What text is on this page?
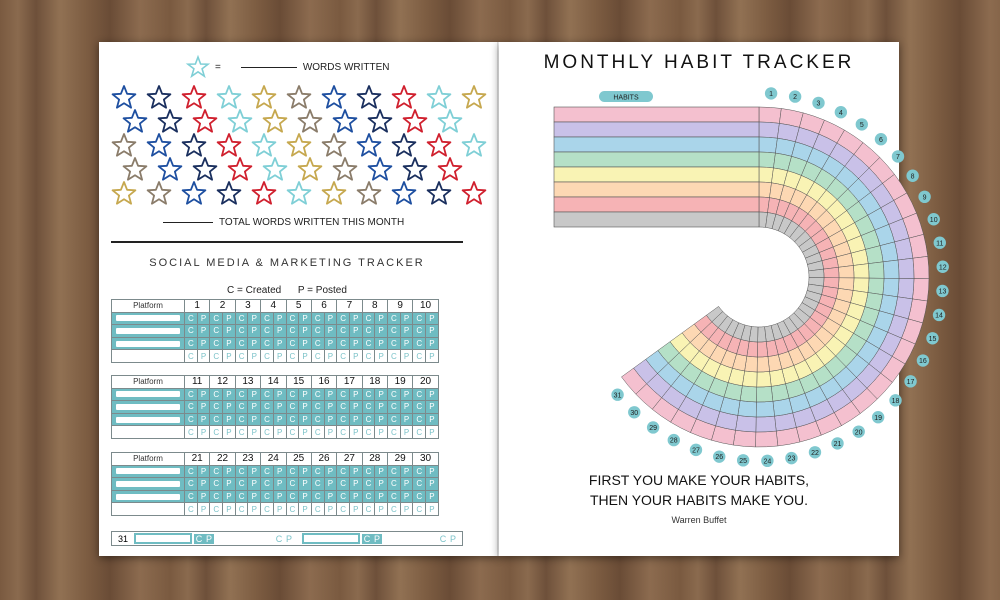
=	WORDS WRITTEN
TOTAL WORDS WRITTEN THIS MONTH
SOCIAL MEDIA & MARKETING TRACKER
C = Created      P = Posted
Platform	1		2		3		4		5		6		7		8		9		10	

	C	P	C	P	C	P	C	P	C	P	C	P	C	P	C	P	C	P	C	P

	C	P	C	P	C	P	C	P	C	P	C	P	C	P	C	P	C	P	C	P

	C	P	C	P	C	P	C	P	C	P	C	P	C	P	C	P	C	P	C	P

	C	P	C	P	C	P	C	P	C	P	C	P	C	P	C	P	C	P	C	P
Platform	11		12		13		14		15		16		17		18		19		20	

	C	P	C	P	C	P	C	P	C	P	C	P	C	P	C	P	C	P	C	P

	C	P	C	P	C	P	C	P	C	P	C	P	C	P	C	P	C	P	C	P

	C	P	C	P	C	P	C	P	C	P	C	P	C	P	C	P	C	P	C	P

	C	P	C	P	C	P	C	P	C	P	C	P	C	P	C	P	C	P	C	P
Platform	21		22		23		24		25		26		27		28		29		30	

	C	P	C	P	C	P	C	P	C	P	C	P	C	P	C	P	C	P	C	P

	C	P	C	P	C	P	C	P	C	P	C	P	C	P	C	P	C	P	C	P

	C	P	C	P	C	P	C	P	C	P	C	P	C	P	C	P	C	P	C	P

	C	P	C	P	C	P	C	P	C	P	C	P	C	P	C	P	C	P	C	P
31	C P	C P	C P	C P
MONTHLY HABIT TRACKER
HABITS
1	2
3
4
5
6
7
8
9
10
11
12
13
14
15
16
17
18
19
20
21
22
23
24
25
26
27
28
29
30
31
FIRST YOU MAKE YOUR HABITS,
THEN YOUR HABITS MAKE YOU.
Warren Buffet
